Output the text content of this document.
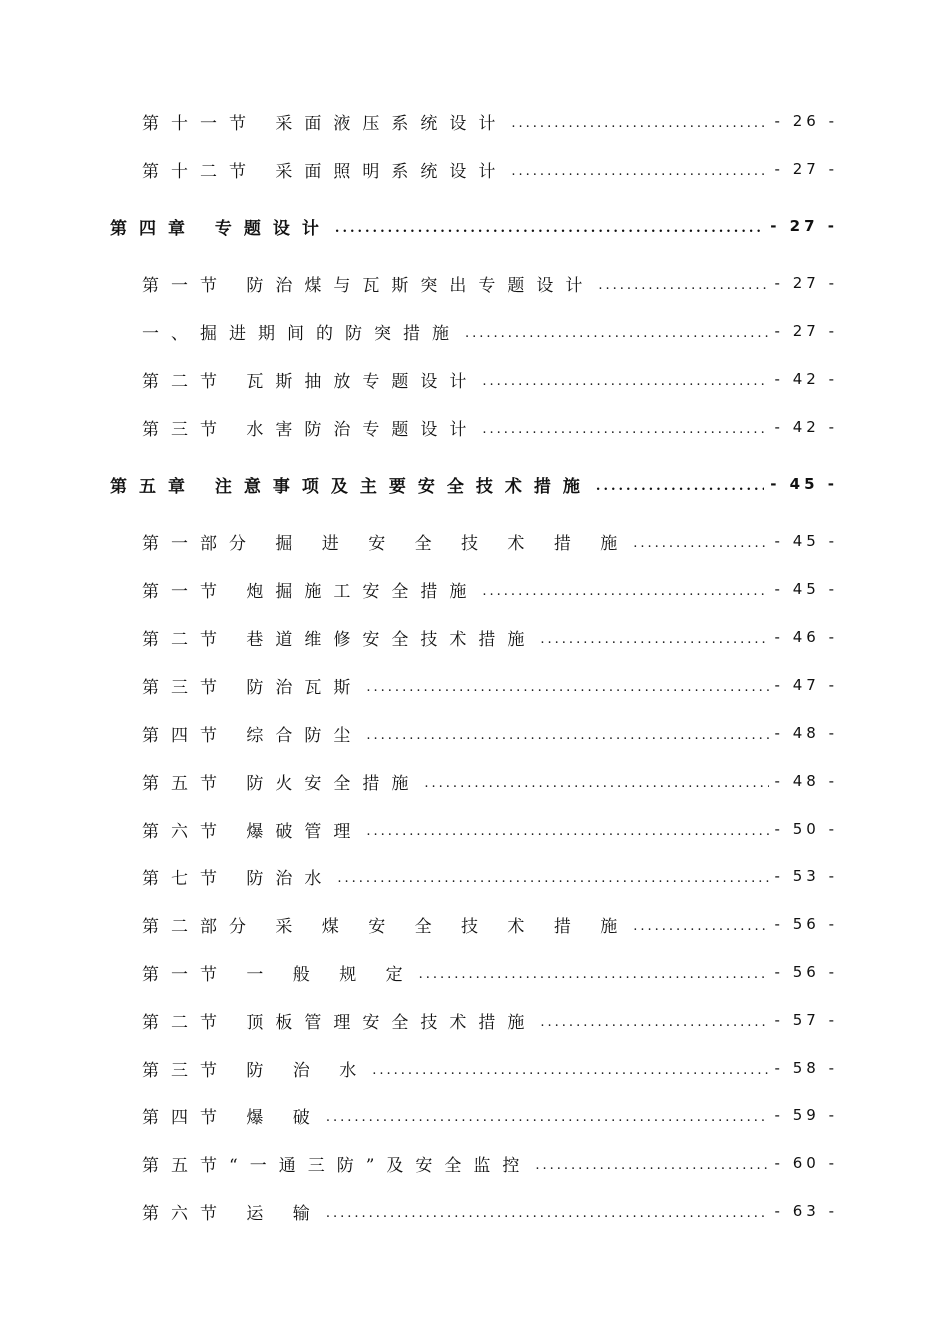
第十一节 采面液压系统设计 .....	- 26 -
第十二节 采面照明系统设计 .....	- 27 -
第四章 专题设计 .....	- 27 -
第一节 防治煤与瓦斯突出专题设计 .....	- 27 -
一、掘进期间的防突措施 .....	- 27 -
第二节 瓦斯抽放专题设计 .....	- 42 -
第三节 水害防治专题设计 .....	- 42 -
第五章 注意事项及主要安全技术措施 .....	- 45 -
第一部分 掘 进 安 全 技 术 措 施 .....	- 45 -
第一节 炮掘施工安全措施 .....	- 45 -
第二节 巷道维修安全技术措施 .....	- 46 -
第三节 防治瓦斯 .....	- 47 -
第四节 综合防尘 .....	- 48 -
第五节 防火安全措施 .....	- 48 -
第六节 爆破管理 .....	- 50 -
第七节 防治水 .....	- 53 -
第二部分 采 煤 安 全 技 术 措 施 .....	- 56 -
第一节 一 般 规 定 .....	- 56 -
第二节 顶板管理安全技术措施 .....	- 57 -
第三节 防 治 水 .....	- 58 -
第四节 爆 破 .....	- 59 -
第五节“一通三防”及安全监控 .....	- 60 -
第六节 运 输 .....	- 63 -
